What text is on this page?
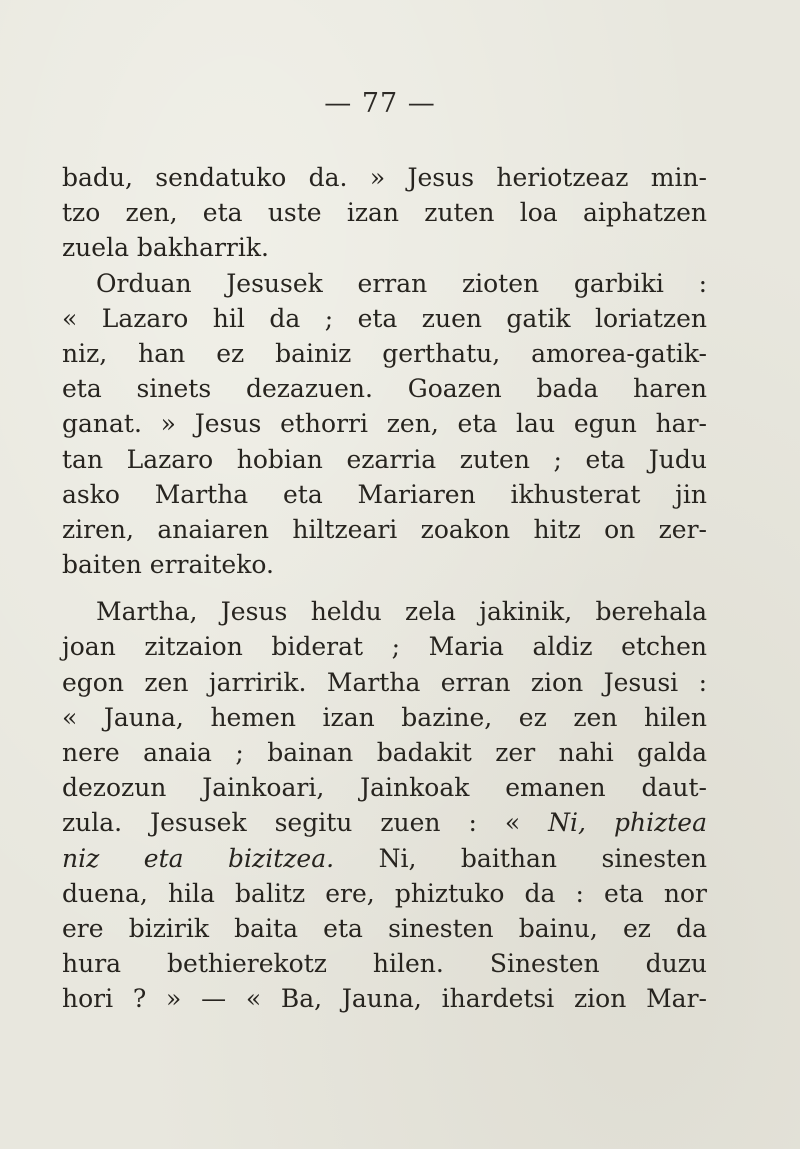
— 77 —
badu, sendatuko da. » Jesus heriotzeaz min-
tzo zen, eta uste izan zuten loa aiphatzen
zuela bakharrik.
Orduan Jesusek erran zioten garbiki :
« Lazaro hil da ; eta zuen gatik loriatzen
niz, han ez bainiz gerthatu, amorea-gatik-
eta sinets dezazuen. Goazen bada haren
ganat. » Jesus ethorri zen, eta lau egun har-
tan Lazaro hobian ezarria zuten ; eta Judu
asko Martha eta Mariaren ikhusterat jin
ziren, anaiaren hiltzeari zoakon hitz on zer-
baiten erraiteko.
Martha, Jesus heldu zela jakinik, berehala
joan zitzaion biderat ; Maria aldiz etchen
egon zen jarririk. Martha erran zion Jesusi :
« Jauna, hemen izan bazine, ez zen hilen
nere anaia ; bainan badakit zer nahi galda
dezozun Jainkoari, Jainkoak emanen daut-
zula. Jesusek segitu zuen : « Ni, phiztea
niz eta bizitzea. Ni, baithan sinesten
duena, hila balitz ere, phiztuko da : eta nor
ere bizirik baita eta sinesten bainu, ez da
hura bethierekotz hilen. Sinesten duzu
hori ? » — « Ba, Jauna, ihardetsi zion Mar-
